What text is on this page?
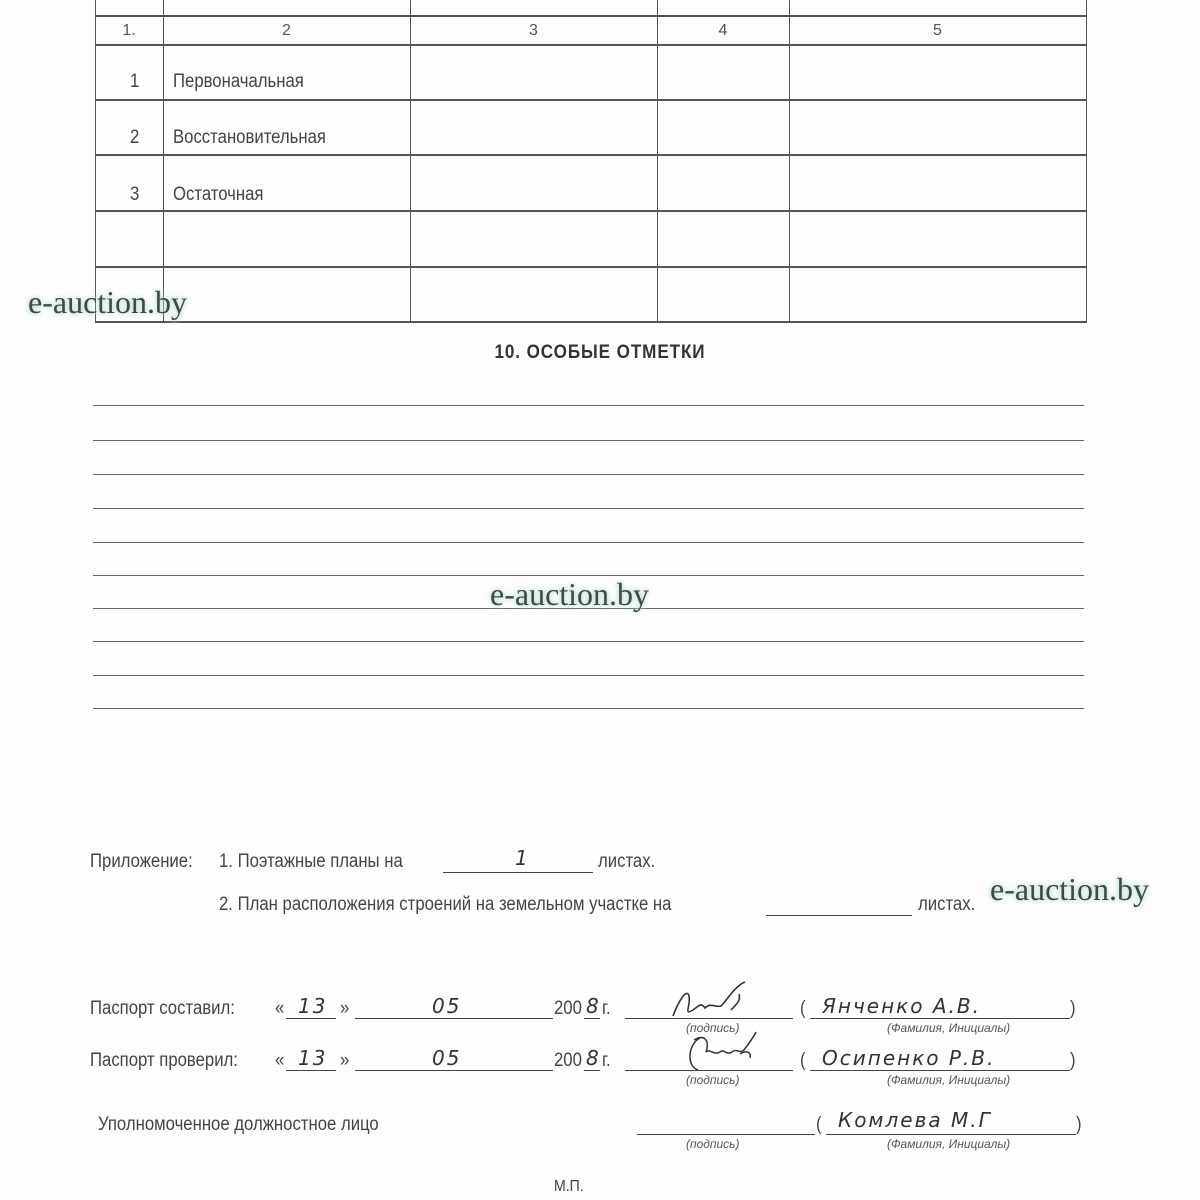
1.	2	3	4	5
1 Первоначальная
2 Восстановительная
3 Остаточная
e-auction.by
10. ОСОБЫЕ ОТМЕТКИ
e-auction.by
Приложение: 1. Поэтажные планы на	1	листах.
2. План расположения строений на земельном участке на	листах. e-auction.by
Паспорт составил: « 13 »	05	200 8 г.
(подпись)
( Янченко А.В.	)
(Фамилия, Инициалы)
Паспорт проверил: « 13 »	05	200 8 г.
(подпись)
( Осипенко Р.В.	)
(Фамилия, Инициалы)
Уполномоченное должностное лицо
(подпись)
( Комлева М.Г	)
(Фамилия, Инициалы)
М.П.
